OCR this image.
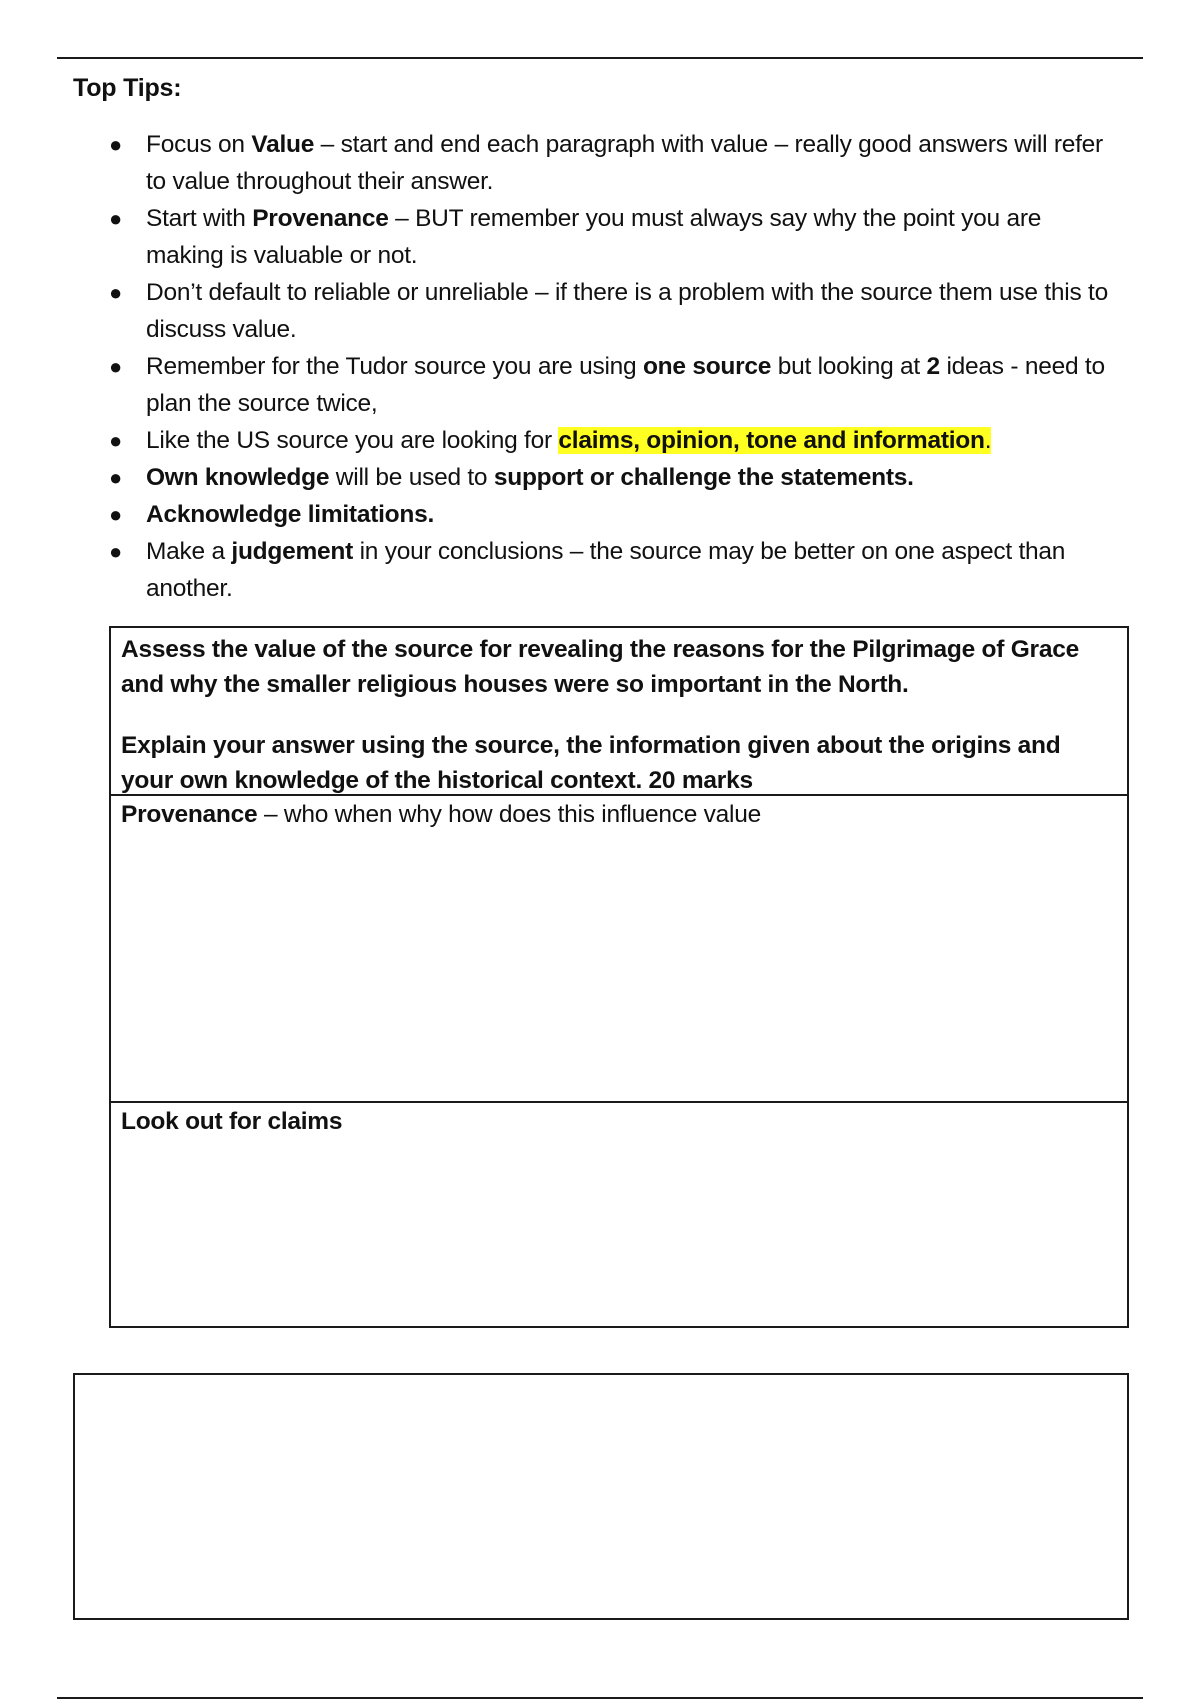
Top Tips:
● Focus on Value – start and end each paragraph with value – really good answers will refer to value throughout their answer.
● Start with Provenance – BUT remember you must always say why the point you are making is valuable or not.
● Don’t default to reliable or unreliable – if there is a problem with the source them use this to discuss value.
● Remember for the Tudor source you are using one source but looking at 2 ideas - need to plan the source twice,
● Like the US source you are looking for claims, opinion, tone and information.
● Own knowledge will be used to support or challenge the statements.
● Acknowledge limitations.
● Make a judgement in your conclusions – the source may be better on one aspect than another.
Assess the value of the source for revealing the reasons for the Pilgrimage of Grace and why the smaller religious houses were so important in the North.
Explain your answer using the source, the information given about the origins and your own knowledge of the historical context. 20 marks
Provenance – who when why how does this influence value
Look out for claims
